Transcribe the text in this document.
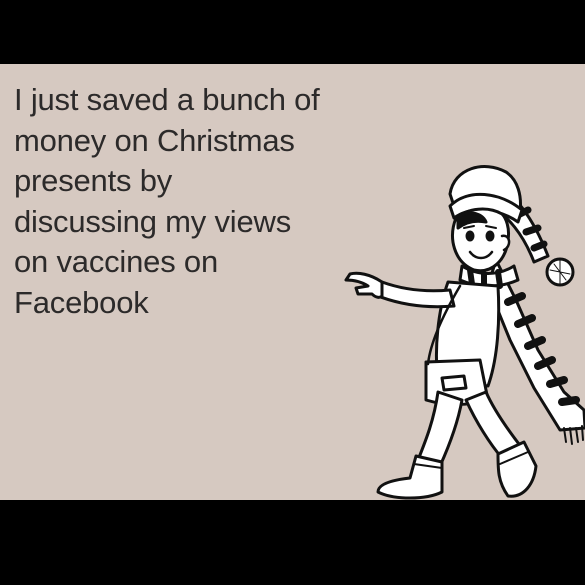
I just saved a bunch of
money on Christmas
presents by
discussing my views
on vaccines on
Facebook
